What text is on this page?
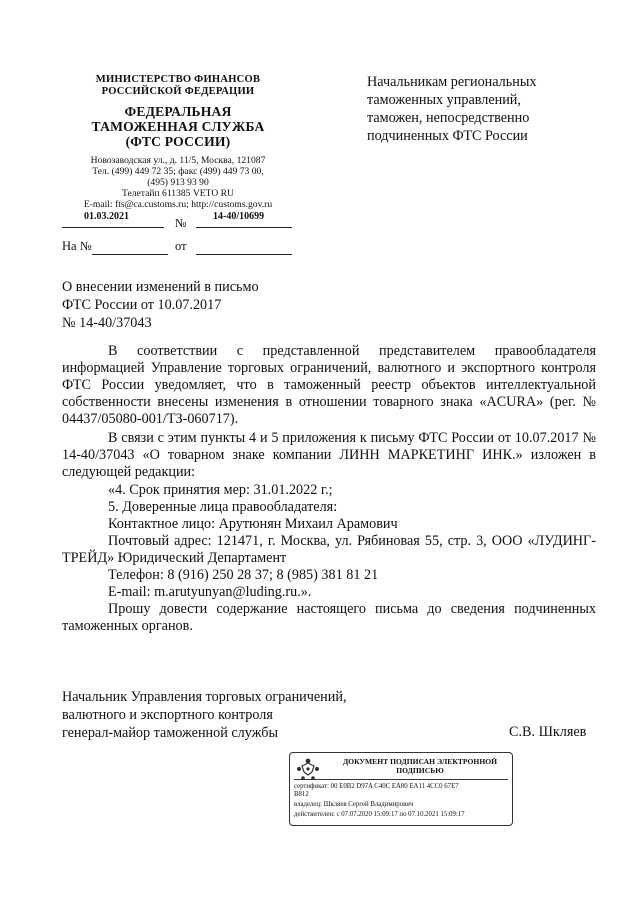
МИНИСТЕРСТВО ФИНАНСОВ
РОССИЙСКОЙ ФЕДЕРАЦИИ
ФЕДЕРАЛЬНАЯ
ТАМОЖЕННАЯ СЛУЖБА
(ФТС РОССИИ)
Новозаводская ул., д. 11/5, Москва, 121087
Тел. (499) 449 72 35; факс (499) 449 73 00,
(495) 913 93 90
Телетайп 611385 VETO RU
E-mail: fts@ca.customs.ru; http://customs.gov.ru
01.03.2021	№	14-40/10699
На №	от
Начальникам региональных
таможенных управлений,
таможен, непосредственно
подчиненных ФТС России
О внесении изменений в письмо
ФТС России от 10.07.2017
№ 14-40/37043
В соответствии с представленной представителем правообладателя информацией Управление торговых ограничений, валютного и экспортного контроля ФТС России уведомляет, что в таможенный реестр объектов интеллектуальной собственности внесены изменения в отношении товарного знака «ACURA» (рег. № 04437/05080-001/ТЗ-060717).
В связи с этим пункты 4 и 5 приложения к письму ФТС России от 10.07.2017 № 14-40/37043 «О товарном знаке компании ЛИНН МАРКЕТИНГ ИНК.» изложен в следующей редакции:
«4. Срок принятия мер: 31.01.2022 г.;
5. Доверенные лица правообладателя:
Контактное лицо: Арутюнян Михаил Арамович
Почтовый адрес: 121471, г. Москва, ул. Рябиновая 55, стр. 3, ООО «ЛУДИНГ-ТРЕЙД» Юридический Департамент
Телефон: 8 (916) 250 28 37; 8 (985) 381 81 21
E-mail: m.arutyunyan@luding.ru.».
Прошу довести содержание настоящего письма до сведения подчиненных таможенных органов.
Начальник Управления торговых ограничений,
валютного и экспортного контроля
генерал-майор таможенной службы	С.В. Шкляев
ДОКУМЕНТ ПОДПИСАН ЭЛЕКТРОННОЙ
ПОДПИСЬЮ
сертификат: 00 E0B2 D97A C40C EA80 EA11 4CC0 67E7
B812
владелец: Шкляев Сергей Владимирович
действителен: с 07.07.2020 15:09:17 по 07.10.2021 15:09:17
